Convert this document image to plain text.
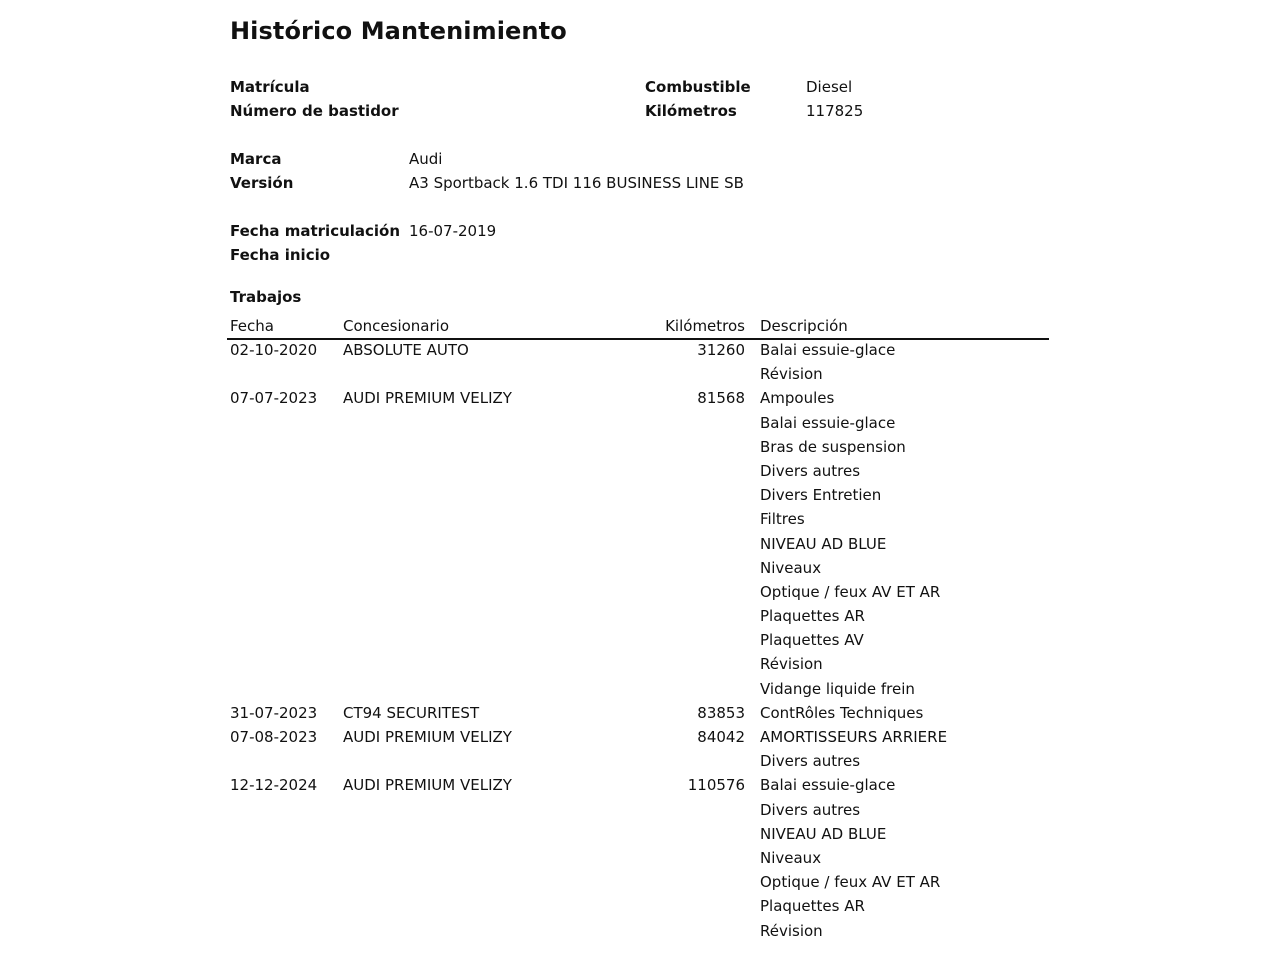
Histórico Mantenimiento
Matrícula
Número de bastidor
Combustible	Diesel
Kilómetros	117825
Marca	Audi
Versión	A3 Sportback 1.6 TDI 116 BUSINESS LINE SB
Fecha matriculación 16-07-2019
Fecha inicio
Trabajos
Fecha	Concesionario	Kilómetros Descripción
02-10-2020 ABSOLUTE AUTO	31260 Balai essuie-glace
Révision
07-07-2023 AUDI PREMIUM VELIZY	81568 Ampoules
Balai essuie-glace
Bras de suspension
Divers autres
Divers Entretien
Filtres
NIVEAU AD BLUE
Niveaux
Optique / feux AV ET AR
Plaquettes AR
Plaquettes AV
Révision
Vidange liquide frein
31-07-2023 CT94 SECURITEST	83853 ContRôles Techniques
07-08-2023 AUDI PREMIUM VELIZY	84042 AMORTISSEURS ARRIERE
Divers autres
12-12-2024 AUDI PREMIUM VELIZY	110576 Balai essuie-glace
Divers autres
NIVEAU AD BLUE
Niveaux
Optique / feux AV ET AR
Plaquettes AR
Révision
